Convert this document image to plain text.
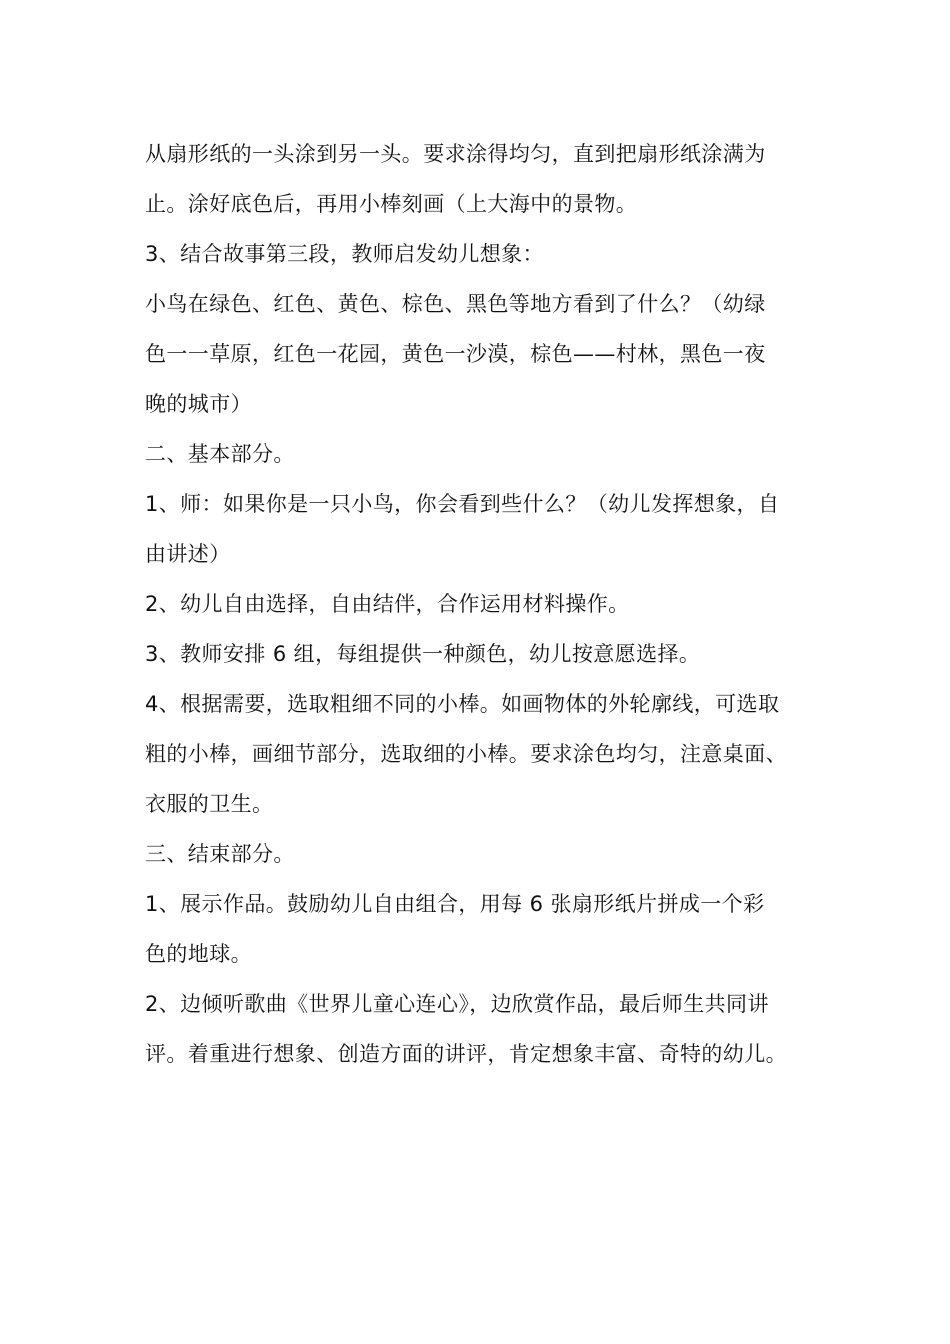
从扇形纸的一头涂到另一头。要求涂得均匀，直到把扇形纸涂满为

止。涂好底色后，再用小棒刻画（上大海中的景物。

3、结合故事第三段，教师启发幼儿想象：

小鸟在绿色、红色、黄色、棕色、黑色等地方看到了什么？（幼绿

色一一草原，红色一花园，黄色一沙漠，棕色——村林，黑色一夜

晚的城市）

二、基本部分。

1、师：如果你是一只小鸟，你会看到些什么？（幼儿发挥想象，自

由讲述）

2、幼儿自由选择，自由结伴，合作运用材料操作。

3、教师安排 6 组，每组提供一种颜色，幼儿按意愿选择。

4、根据需要，选取粗细不同的小棒。如画物体的外轮廓线，可选取

粗的小棒，画细节部分，选取细的小棒。要求涂色均匀，注意桌面、

衣服的卫生。

三、结束部分。

1、展示作品。鼓励幼儿自由组合，用每 6 张扇形纸片拼成一个彩

色的地球。

2、边倾听歌曲《世界儿童心连心》，边欣赏作品，最后师生共同讲

评。着重进行想象、创造方面的讲评，肯定想象丰富、奇特的幼儿。
